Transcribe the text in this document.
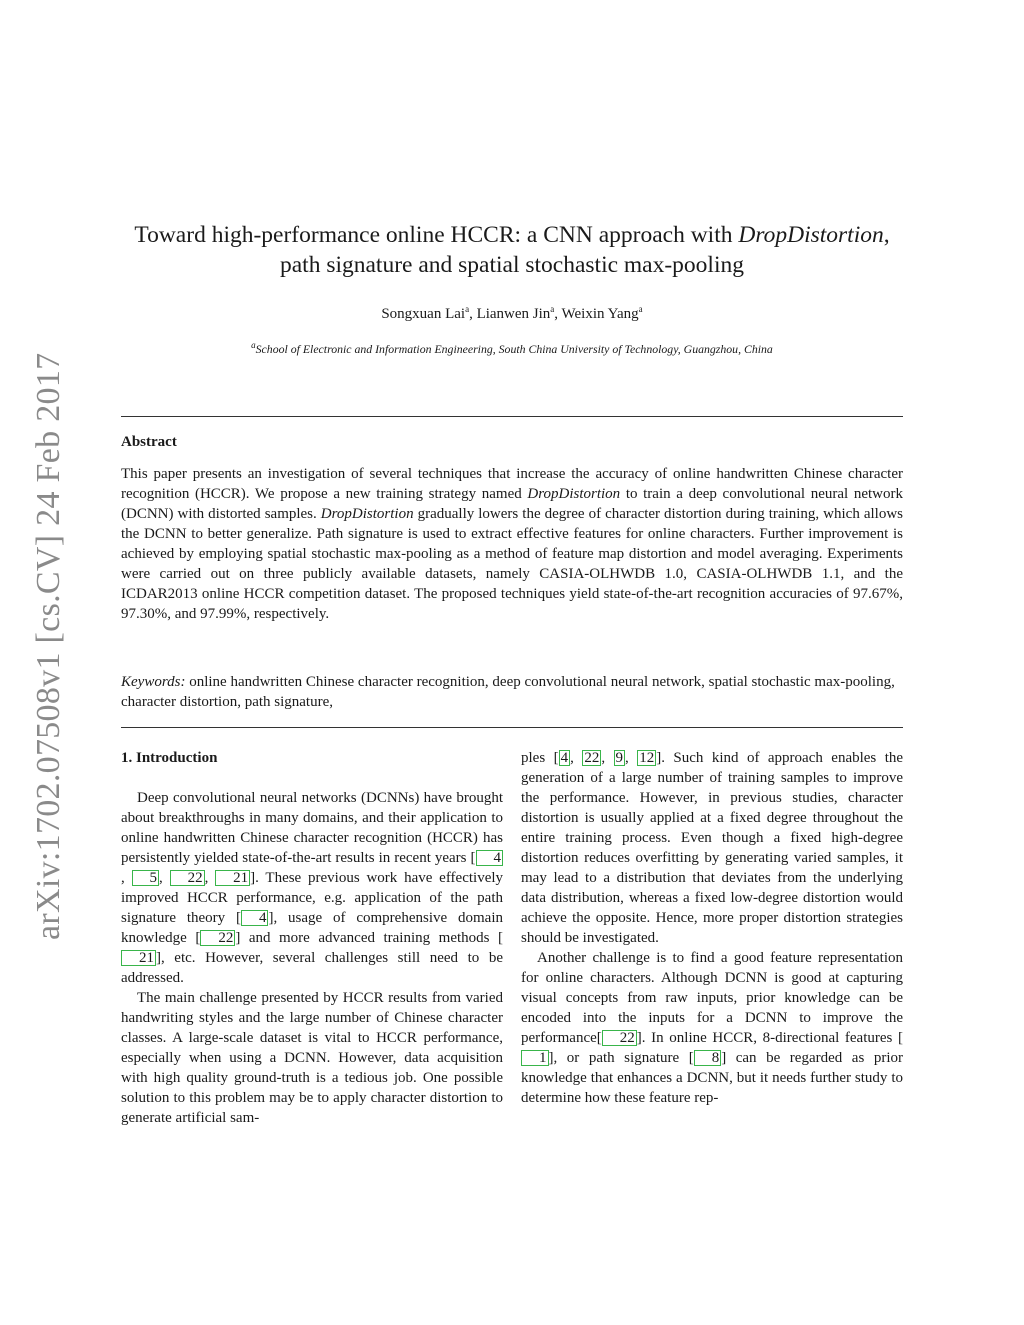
arXiv:1702.07508v1 [cs.CV] 24 Feb 2017
Toward high-performance online HCCR: a CNN approach with DropDistortion,
path signature and spatial stochastic max-pooling
Songxuan Lai$^a$, Lianwen Jin$^a$, Weixin Yang$^a$
$^a$School of Electronic and Information Engineering, South China University of Technology, Guangzhou, China
Abstract
This paper presents an investigation of several techniques that increase the accuracy of online handwritten Chinese character recognition (HCCR). We propose a new training strategy named DropDistortion to train a deep convolutional neural network (DCNN) with distorted samples. DropDistortion gradually lowers the degree of character distortion during training, which allows the DCNN to better generalize. Path signature is used to extract effective features for online characters. Further improvement is achieved by employing spatial stochastic max-pooling as a method of feature map distortion and model averaging. Experiments were carried out on three publicly available datasets, namely CASIA-OLHWDB 1.0, CASIA-OLHWDB 1.1, and the ICDAR2013 online HCCR competition dataset. The proposed techniques yield state-of-the-art recognition accuracies of 97.67%, 97.30%, and 97.99%, respectively.
Keywords: online handwritten Chinese character recognition, deep convolutional neural network, spatial stochastic max-pooling, character distortion, path signature,
1. Introduction

Deep convolutional neural networks (DCNNs) have brought about breakthroughs in many domains, and their application to online handwritten Chinese character recognition (HCCR) has persistently yielded state-of-the-art results in recent years [ 4, 5 , 22 , 21 ]. These previous work have effectively improved HCCR performance, e.g. application of the path signature theory [ 4 ], usage of comprehensive domain knowledge [ 22 ] and more advanced training methods [21 ], etc. However, several challenges still need to be addressed.

The main challenge presented by HCCR results from varied handwriting styles and the large number of Chinese character classes. A large-scale dataset is vital to HCCR performance, especially when using a DCNN. However, data acquisition with high quality ground-truth is a tedious job. One possible solution to this problem may be to apply character distortion to generate artificial sam-

ples [ 4 , 22 , 9 , 12 ]. Such kind of approach enables the generation of a large number of training samples to improve the performance. However, in previous studies, character distortion is usually applied at a fixed degree throughout the entire training process. Even though a fixed high-degree distortion reduces overfitting by generating varied samples, it may lead to a distribution that deviates from the underlying data distribution, whereas a fixed low-degree distortion would achieve the opposite. Hence, more proper distortion strategies should be investigated.

Another challenge is to find a good feature representation for online characters. Although DCNN is good at capturing visual concepts from raw inputs, prior knowledge can be encoded into the inputs for a DCNN to improve the performance[ 22 ]. In online HCCR, 8-directional features [1 ], or path signature [ 8 ] can be regarded as prior knowledge that enhances a DCNN, but it needs further study to determine how these feature rep-
